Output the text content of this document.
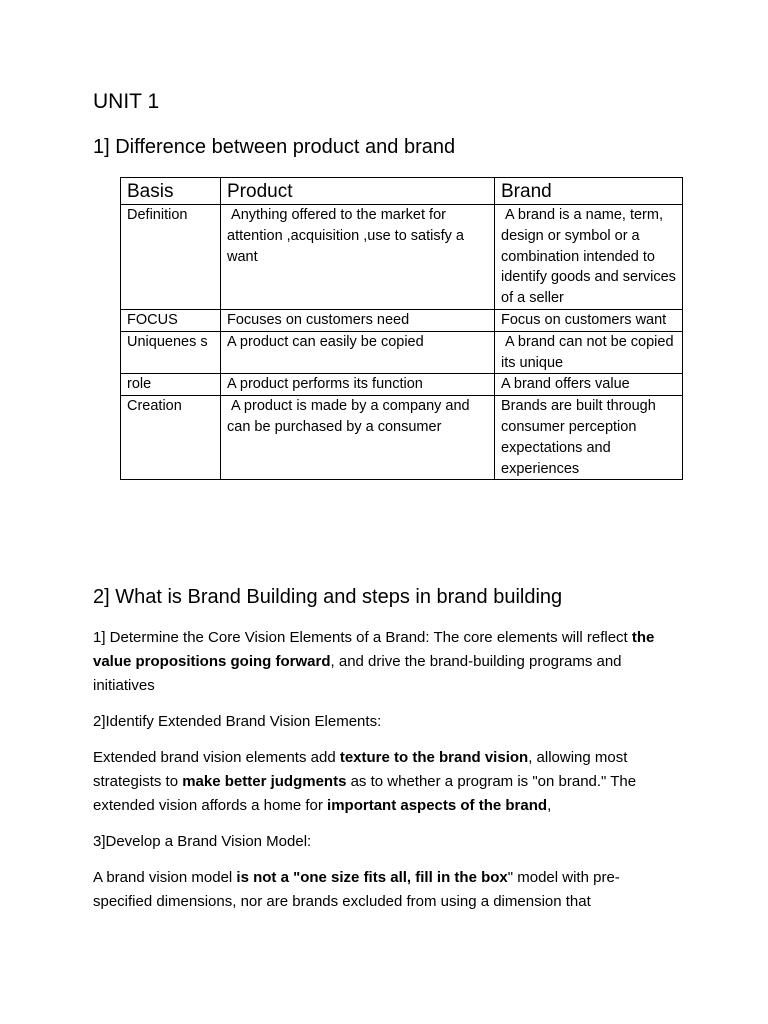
UNIT 1
1] Difference between product and brand
Basis	Product	Brand
Definition	Anything offered to the market for attention ,acquisition ,use to satisfy a want	A brand is a name, term, design or symbol or a combination intended to identify goods and services of a seller
FOCUS	Focuses on customers need	Focus on customers want
Uniquenes s	A product can easily be copied	A brand can not be copied its unique
role	A product performs its function	A brand offers value
Creation	A product is made by a company and can be purchased by a consumer	Brands are built through consumer perception expectations and experiences
2] What is Brand Building and steps in brand building

1] Determine the Core Vision Elements of a Brand: The core elements will reflect the value propositions going forward, and drive the brand-building programs and initiatives

2]Identify Extended Brand Vision Elements:

Extended brand vision elements add texture to the brand vision, allowing most strategists to make better judgments as to whether a program is "on brand." The extended vision affords a home for important aspects of the brand,

3]Develop a Brand Vision Model:

A brand vision model is not a "one size fits all, fill in the box" model with pre-specified dimensions, nor are brands excluded from using a dimension that
